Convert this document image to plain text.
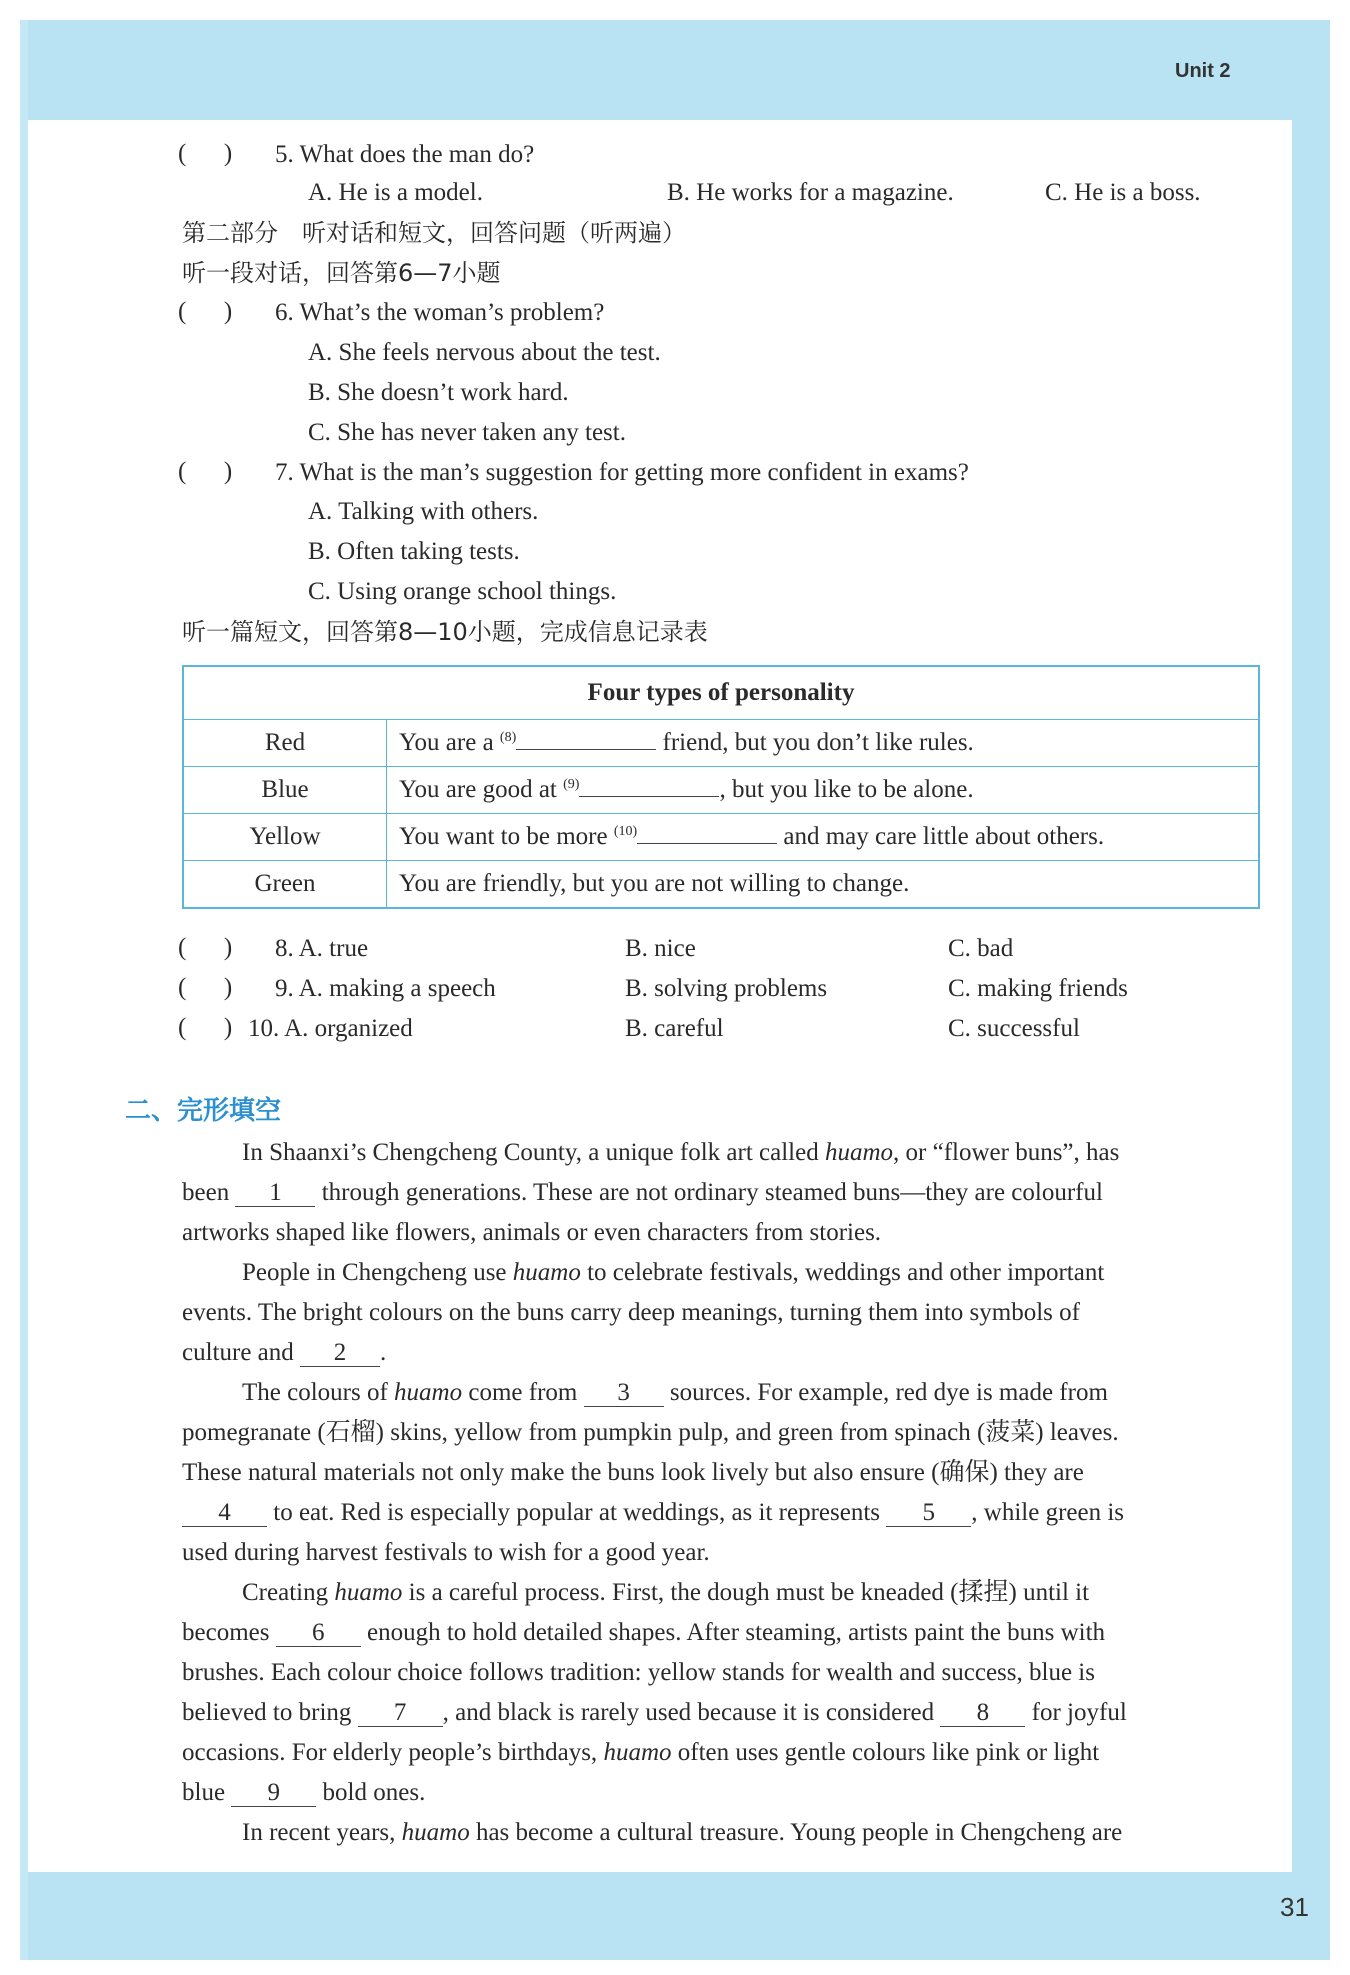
Unit 2
31
(      ) 5. What does the man do?
A. He is a model.	B. He works for a magazine.	C. He is a boss.
第二部分　听对话和短文，回答问题（听两遍）
听一段对话，回答第6—7小题
(      ) 6. What’s the woman’s problem?
A. She feels nervous about the test.
B. She doesn’t work hard.
C. She has never taken any test.
(      ) 7. What is the man’s suggestion for getting more confident in exams?
A. Talking with others.
B. Often taking tests.
C. Using orange school things.
听一篇短文，回答第8—10小题，完成信息记录表
Four types of personality	
Red	You are a $^{(8)}$ friend, but you don’t like rules.
Blue	You are good at $^{(9)}$ , but you like to be alone.
Yellow	You want to be more $^{(10)}$ and may care little about others.
Green	You are friendly, but you are not willing to change.
(      ) 8. A. true	B. nice	C. bad
(      ) 9. A. making a speech	B. solving problems	C. making friends
(      ) 10. A. organized	B. careful	C. successful
二、完形填空
In Shaanxi’s Chengcheng County, a unique folk art called huamo, or “flower buns”, has
been 1 through generations. These are not ordinary steamed buns—they are colourful
artworks shaped like flowers, animals or even characters from stories.
People in Chengcheng use huamo to celebrate festivals, weddings and other important
events. The bright colours on the buns carry deep meanings, turning them into symbols of
culture and 2 .
The colours of huamo come from 3 sources. For example, red dye is made from
pomegranate (石榴) skins, yellow from pumpkin pulp, and green from spinach (菠菜) leaves.
These natural materials not only make the buns look lively but also ensure (确保) they are
4 to eat. Red is especially popular at weddings, as it represents 5 , while green is
used during harvest festivals to wish for a good year.
Creating huamo is a careful process. First, the dough must be kneaded (揉捏) until it
becomes 6 enough to hold detailed shapes. After steaming, artists paint the buns with
brushes. Each colour choice follows tradition: yellow stands for wealth and success, blue is
believed to bring 7 , and black is rarely used because it is considered 8 for joyful
occasions. For elderly people’s birthdays, huamo often uses gentle colours like pink or light
blue 9 bold ones.
In recent years, huamo has become a cultural treasure. Young people in Chengcheng are
